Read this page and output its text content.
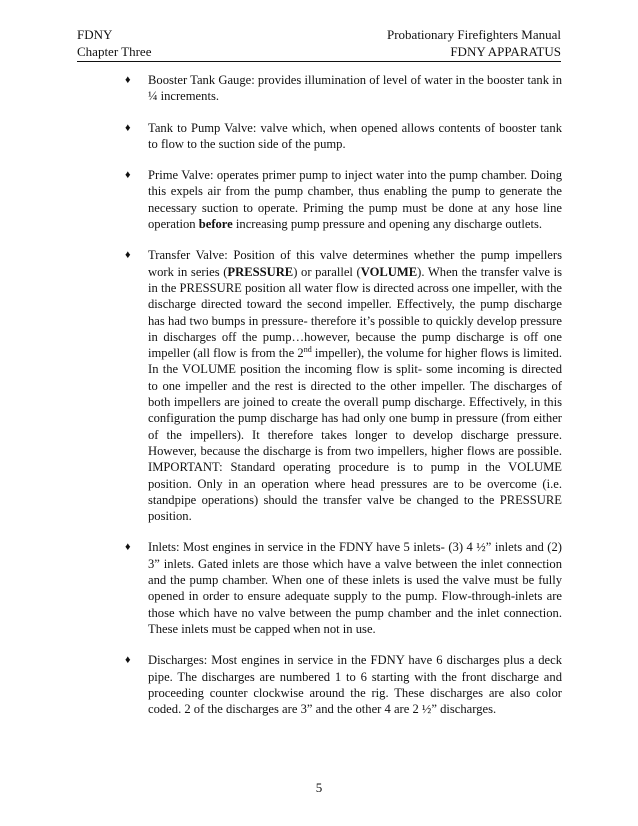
FDNY	Probationary Firefighters Manual
Chapter Three	FDNY APPARATUS
♦ Booster Tank Gauge: provides illumination of level of water in the booster tank in ¼ increments.
♦ Tank to Pump Valve: valve which, when opened allows contents of booster tank to flow to the suction side of the pump.
♦ Prime Valve: operates primer pump to inject water into the pump chamber. Doing this expels air from the pump chamber, thus enabling the pump to generate the necessary suction to operate. Priming the pump must be done at any hose line operation before increasing pump pressure and opening any discharge outlets.
♦ Transfer Valve: Position of this valve determines whether the pump impellers work in series (PRESSURE) or parallel (VOLUME). When the transfer valve is in the PRESSURE position all water flow is directed across one impeller, with the discharge directed toward the second impeller. Effectively, the pump discharge has had two bumps in pressure- therefore it’s possible to quickly develop pressure in discharges off the pump…however, because the pump discharge is off one impeller (all flow is from the 2nd impeller), the volume for higher flows is limited. In the VOLUME position the incoming flow is split- some incoming is directed to one impeller and the rest is directed to the other impeller. The discharges of both impellers are joined to create the overall pump discharge. Effectively, in this configuration the pump discharge has had only one bump in pressure (from either of the impellers). It therefore takes longer to develop discharge pressure. However, because the discharge is from two impellers, higher flows are possible. IMPORTANT: Standard operating procedure is to pump in the VOLUME position. Only in an operation where head pressures are to be overcome (i.e. standpipe operations) should the transfer valve be changed to the PRESSURE position.
♦ Inlets: Most engines in service in the FDNY have 5 inlets- (3) 4 ½” inlets and (2) 3” inlets. Gated inlets are those which have a valve between the inlet connection and the pump chamber. When one of these inlets is used the valve must be fully opened in order to ensure adequate supply to the pump. Flow-through-inlets are those which have no valve between the pump chamber and the inlet connection. These inlets must be capped when not in use.
♦ Discharges: Most engines in service in the FDNY have 6 discharges plus a deck pipe. The discharges are numbered 1 to 6 starting with the front discharge and proceeding counter clockwise around the rig. These discharges are also color coded. 2 of the discharges are 3” and the other 4 are 2 ½” discharges.
5
